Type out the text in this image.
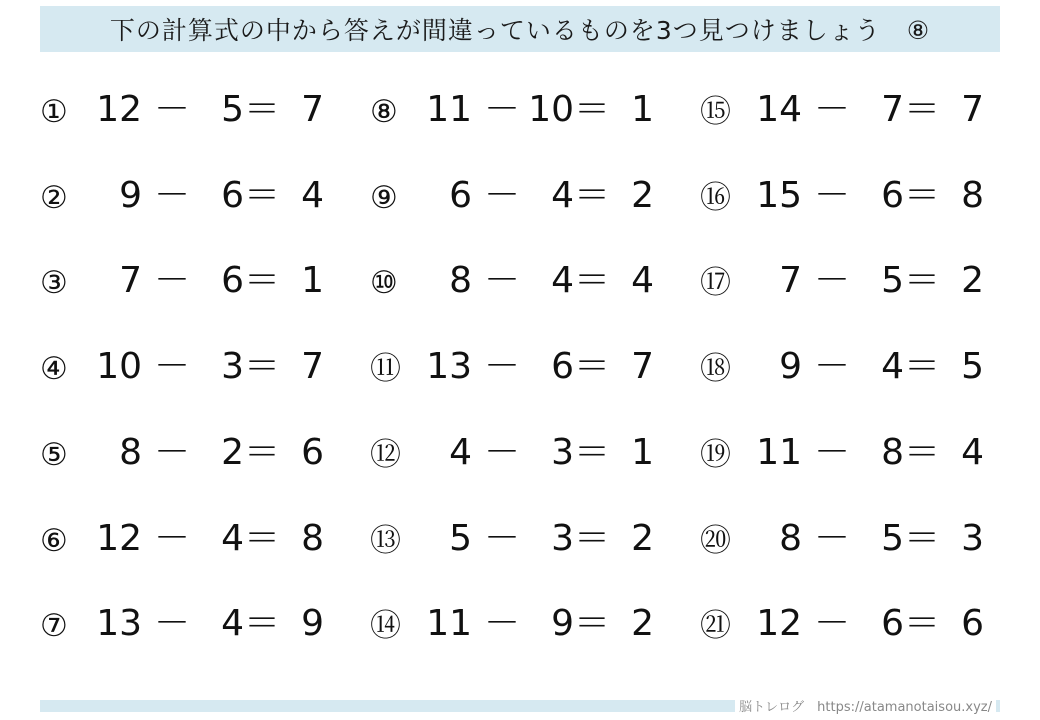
下の計算式の中から答えが間違っているものを3つ見つけましょう　⑧
① 12 － 5 ＝ 7
②	9 － 6 ＝ 4
③	7 － 6 ＝ 1
④ 10 － 3 ＝ 7
⑤	8 － 2 ＝ 6
⑥ 12 － 4 ＝ 8
⑦ 13 － 4 ＝ 9
⑧ 11 － 10 ＝ 1
⑨	6 － 4 ＝ 2
⑩	8 － 4 ＝ 4
⑪ 13 － 6 ＝ 7
⑫	4 － 3 ＝ 1
⑬	5 － 3 ＝ 2
⑭ 11 － 9 ＝ 2
⑮ 14 － 7 ＝ 7
⑯ 15 － 6 ＝ 8
⑰	7 － 5 ＝ 2
⑱	9 － 4 ＝ 5
⑲ 11 － 8 ＝ 4
⑳	8 － 5 ＝ 3
㉑ 12 － 6 ＝ 6
脳トレログ　https://atamanotaisou.xyz/
